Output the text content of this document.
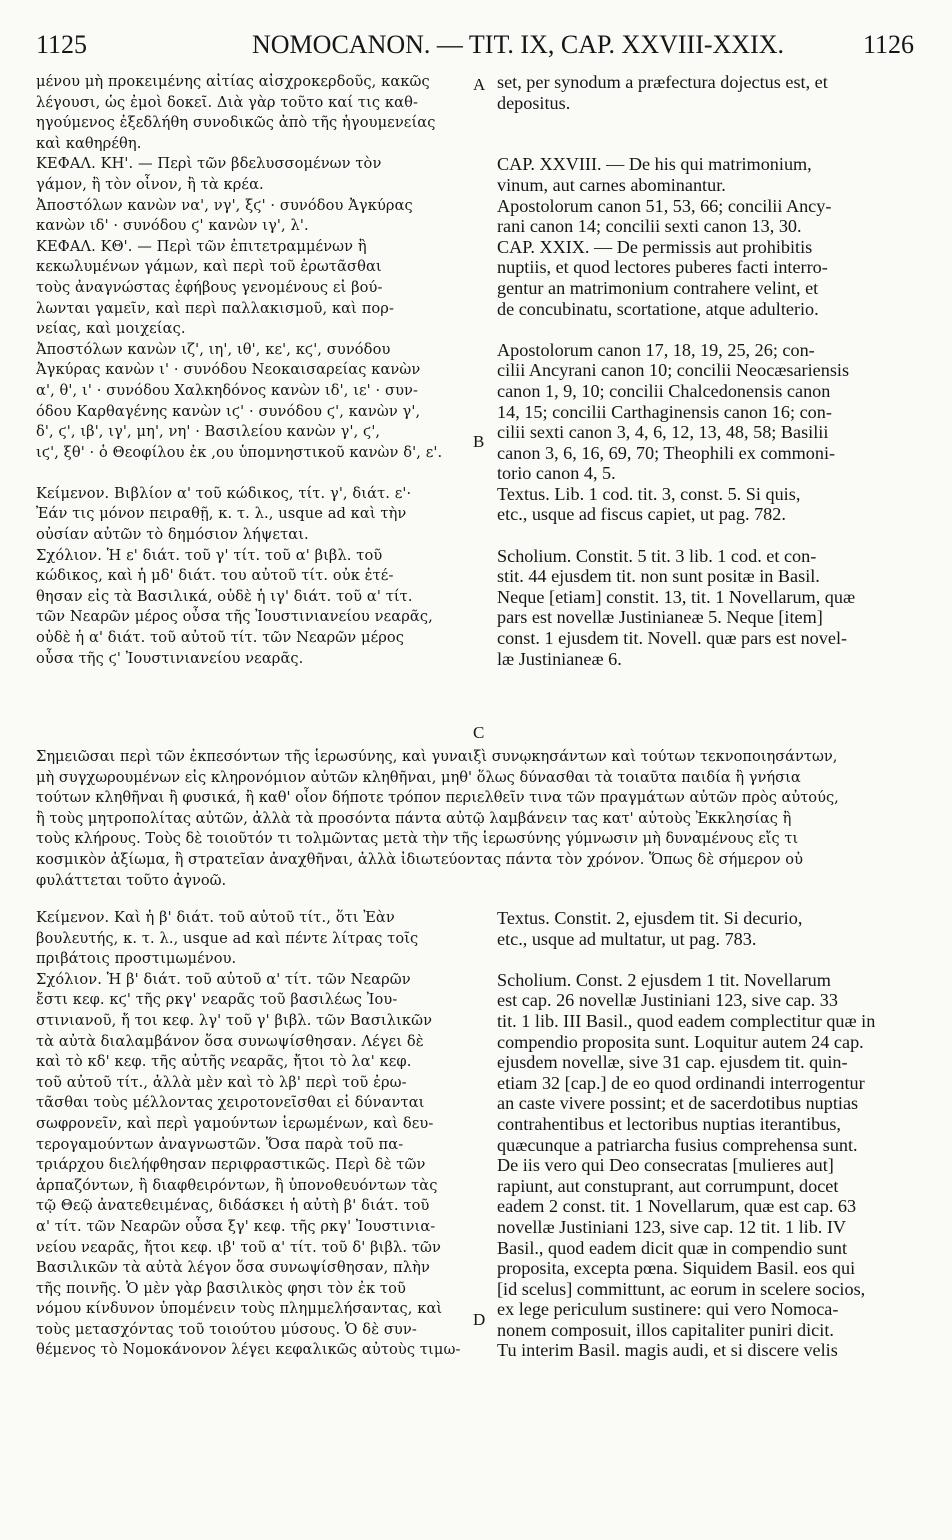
1125	NOMOCANON. — TIT. IX, CAP. XXVIII-XXIX.	1126

μένου μὴ προκειμένης αἰτίας αἰσχροκερδοῦς, κακῶς

λέγουσι, ὡς ἐμοὶ δοκεῖ. Διὰ γὰρ τοῦτο καί τις καθ-

ηγούμενος ἐξεδλήθη συνοδικῶς ἀπὸ τῆς ἡγουμενείας

καὶ καθηρέθη.

ΚΕΦΑΛ. ΚΗ'. — Περὶ τῶν βδελυσσομένων τὸν

γάμον, ἢ τὸν οἶνον, ἢ τὰ κρέα.

Ἀποστόλων κανὼν να', νγ', ξϛ' · συνόδου Ἀγκύρας

κανὼν ιδ' · συνόδου ϛ' κανὼν ιγ', λ'.

ΚΕΦΑΛ. ΚΘ'. — Περὶ τῶν ἐπιτετραμμένων ἢ

κεκωλυμένων γάμων, καὶ περὶ τοῦ ἐρωτᾶσθαι

τοὺς ἀναγνώστας ἐφήβους γενομένους εἰ βού-

λωνται γαμεῖν, καὶ περὶ παλλακισμοῦ, καὶ πορ-

νείας, καὶ μοιχείας.

Ἀποστόλων κανὼν ιζ', ιη', ιθ', κε', κϛ', συνόδου

Ἀγκύρας κανὼν ι' · συνόδου Νεοκαισαρείας κανὼν

α', θ', ι' · συνόδου Χαλκηδόνος κανὼν ιδ', ιε' · συν-

όδου Καρθαγένης κανὼν ιϛ' · συνόδου ϛ', κανὼν γ',

δ', ϛ', ιβ', ιγ', μη', νη' · Βασιλείου κανὼν γ', ϛ',

ιϛ', ξθ' · ὁ Θεοφίλου ἐκ ,ου ὑπομνηστικοῦ κανὼν δ', ε'.

Κείμενον. Βιβλίον α' τοῦ κώδικος, τίτ. γ', διάτ. ε'·

Ἐάν τις μόνον πειραθῇ, κ. τ. λ., usque ad καὶ τὴν

οὐσίαν αὐτῶν τὸ δημόσιον λήψεται.

Σχόλιον. Ἡ ε' διάτ. τοῦ γ' τίτ. τοῦ α' βιβλ. τοῦ

κώδικος, καὶ ἡ μδ' διάτ. του αὐτοῦ τίτ. οὐκ ἐτέ-

θησαν εἰς τὰ Βασιλικά, οὐδὲ ἡ ιγ' διάτ. τοῦ α' τίτ.

τῶν Νεαρῶν μέρος οὖσα τῆς Ἰουστινιανείου νεαρᾶς,

οὐδὲ ἡ α' διάτ. τοῦ αὐτοῦ τίτ. τῶν Νεαρῶν μέρος

οὖσα τῆς ϛ' Ἰουστινιανείου νεαρᾶς.

set, per synodum a præfectura dojectus est, et

depositus.

CAP. XXVIII. — De his qui matrimonium,

vinum, aut carnes abominantur.

Apostolorum canon 51, 53, 66; concilii Ancy-

rani canon 14; concilii sexti canon 13, 30.

CAP. XXIX. — De permissis aut prohibitis

nuptiis, et quod lectores puberes facti interro-

gentur an matrimonium contrahere velint, et

de concubinatu, scortatione, atque adulterio.

Apostolorum canon 17, 18, 19, 25, 26; con-

cilii Ancyrani canon 10; concilii Neocæsariensis

canon 1, 9, 10; concilii Chalcedonensis canon

14, 15; concilii Carthaginensis canon 16; con-

cilii sexti canon 3, 4, 6, 12, 13, 48, 58; Basilii

canon 3, 6, 16, 69, 70; Theophili ex commoni-

torio canon 4, 5.

Textus. Lib. 1 cod. tit. 3, const. 5. Si quis,

etc., usque ad fiscus capiet, ut pag. 782.

Scholium. Constit. 5 tit. 3 lib. 1 cod. et con-

stit. 44 ejusdem tit. non sunt positæ in Basil.

Neque [etiam] constit. 13, tit. 1 Novellarum, quæ

pars est novellæ Justinianeæ 5. Neque [item]

const. 1 ejusdem tit. Novell. quæ pars est novel-

læ Justinianeæ 6.

A
B
C
D

Σημειῶσαι περὶ τῶν ἐκπεσόντων τῆς ἱερωσύνης, καὶ γυναιξὶ συνῳκησάντων καὶ τούτων τεκνοποιησάντων,

μὴ συγχωρουμένων εἰς κληρονόμιον αὐτῶν κληθῆναι, μηθ' ὅλως δύνασθαι τὰ τοιαῦτα παιδία ἢ γνήσια

τούτων κληθῆναι ἢ φυσικά, ἢ καθ' οἷον δήποτε τρόπον περιελθεῖν τινα τῶν πραγμάτων αὐτῶν πρὸς αὐτούς,

ἢ τοὺς μητροπολίτας αὐτῶν, ἀλλὰ τὰ προσόντα πάντα αὐτῷ λαμβάνειν τας κατ' αὐτοὺς Ἐκκλησίας ἢ

τοὺς κλήρους. Τοὺς δὲ τοιοῦτόν τι τολμῶντας μετὰ τὴν τῆς ἱερωσύνης γύμνωσιν μὴ δυναμένους εἴς τι

κοσμικὸν ἀξίωμα, ἢ στρατεῖαν ἀναχθῆναι, ἀλλὰ ἰδιωτεύοντας πάντα τὸν χρόνον. Ὅπως δὲ σήμερον οὐ

φυλάττεται τοῦτο ἀγνοῶ.

Κείμενον. Καὶ ἡ β' διάτ. τοῦ αὐτοῦ τίτ., ὅτι Ἐὰν

βουλευτής, κ. τ. λ., usque ad καὶ πέντε λίτρας τοῖς

πριβάτοις προστιμωμένου.

Σχόλιον. Ἡ β' διάτ. τοῦ αὐτοῦ α' τίτ. τῶν Νεαρῶν

ἔστι κεφ. κϛ' τῆς ρκγ' νεαρᾶς τοῦ βασιλέως Ἰου-

στινιανοῦ, ἤ τοι κεφ. λγ' τοῦ γ' βιβλ. τῶν Βασιλικῶν

τὰ αὐτὰ διαλαμβάνον ὅσα συνωψίσθησαν. Λέγει δὲ

καὶ τὸ κδ' κεφ. τῆς αὐτῆς νεαρᾶς, ἤτοι τὸ λα' κεφ.

τοῦ αὐτοῦ τίτ., ἀλλὰ μὲν καὶ τὸ λβ' περὶ τοῦ ἐρω-

τᾶσθαι τοὺς μέλλοντας χειροτονεῖσθαι εἰ δύνανται

σωφρονεῖν, καὶ περὶ γαμούντων ἱερωμένων, καὶ δευ-

τερογαμούντων ἀναγνωστῶν. Ὅσα παρὰ τοῦ πα-

τριάρχου διελήφθησαν περιφραστικῶς. Περὶ δὲ τῶν

ἁρπαζόντων, ἢ διαφθειρόντων, ἢ ὑπονοθευόντων τὰς

τῷ Θεῷ ἀνατεθειμένας, διδάσκει ἡ αὐτὴ β' διάτ. τοῦ

α' τίτ. τῶν Νεαρῶν οὖσα ξγ' κεφ. τῆς ρκγ' Ἰουστινια-

νείου νεαρᾶς, ἤτοι κεφ. ιβ' τοῦ α' τίτ. τοῦ δ' βιβλ. τῶν

Βασιλικῶν τὰ αὐτὰ λέγον ὅσα συνωψίσθησαν, πλὴν

τῆς ποινῆς. Ὁ μὲν γὰρ βασιλικὸς φησι τὸν ἐκ τοῦ

νόμου κίνδυνον ὑπομένειν τοὺς πλημμελήσαντας, καὶ

τοὺς μετασχόντας τοῦ τοιούτου μύσους. Ὁ δὲ συν-

θέμενος τὸ Νομοκάνονον λέγει κεφαλικῶς αὐτοὺς τιμω-

Textus. Constit. 2, ejusdem tit. Si decurio,

etc., usque ad multatur, ut pag. 783.

Scholium. Const. 2 ejusdem 1 tit. Novellarum

est cap. 26 novellæ Justiniani 123, sive cap. 33

tit. 1 lib. III Basil., quod eadem complectitur quæ in

compendio proposita sunt. Loquitur autem 24 cap.

ejusdem novellæ, sive 31 cap. ejusdem tit. quin-

etiam 32 [cap.] de eo quod ordinandi interrogentur

an caste vivere possint; et de sacerdotibus nuptias

contrahentibus et lectoribus nuptias iterantibus,

quæcunque a patriarcha fusius comprehensa sunt.

De iis vero qui Deo consecratas [mulieres aut]

rapiunt, aut constuprant, aut corrumpunt, docet

eadem 2 const. tit. 1 Novellarum, quæ est cap. 63

novellæ Justiniani 123, sive cap. 12 tit. 1 lib. IV

Basil., quod eadem dicit quæ in compendio sunt

proposita, excepta pœna. Siquidem Basil. eos qui

[id scelus] committunt, ac eorum in scelere socios,

ex lege periculum sustinere: qui vero Nomoca-

nonem composuit, illos capitaliter puniri dicit.

Tu interim Basil. magis audi, et si discere velis
